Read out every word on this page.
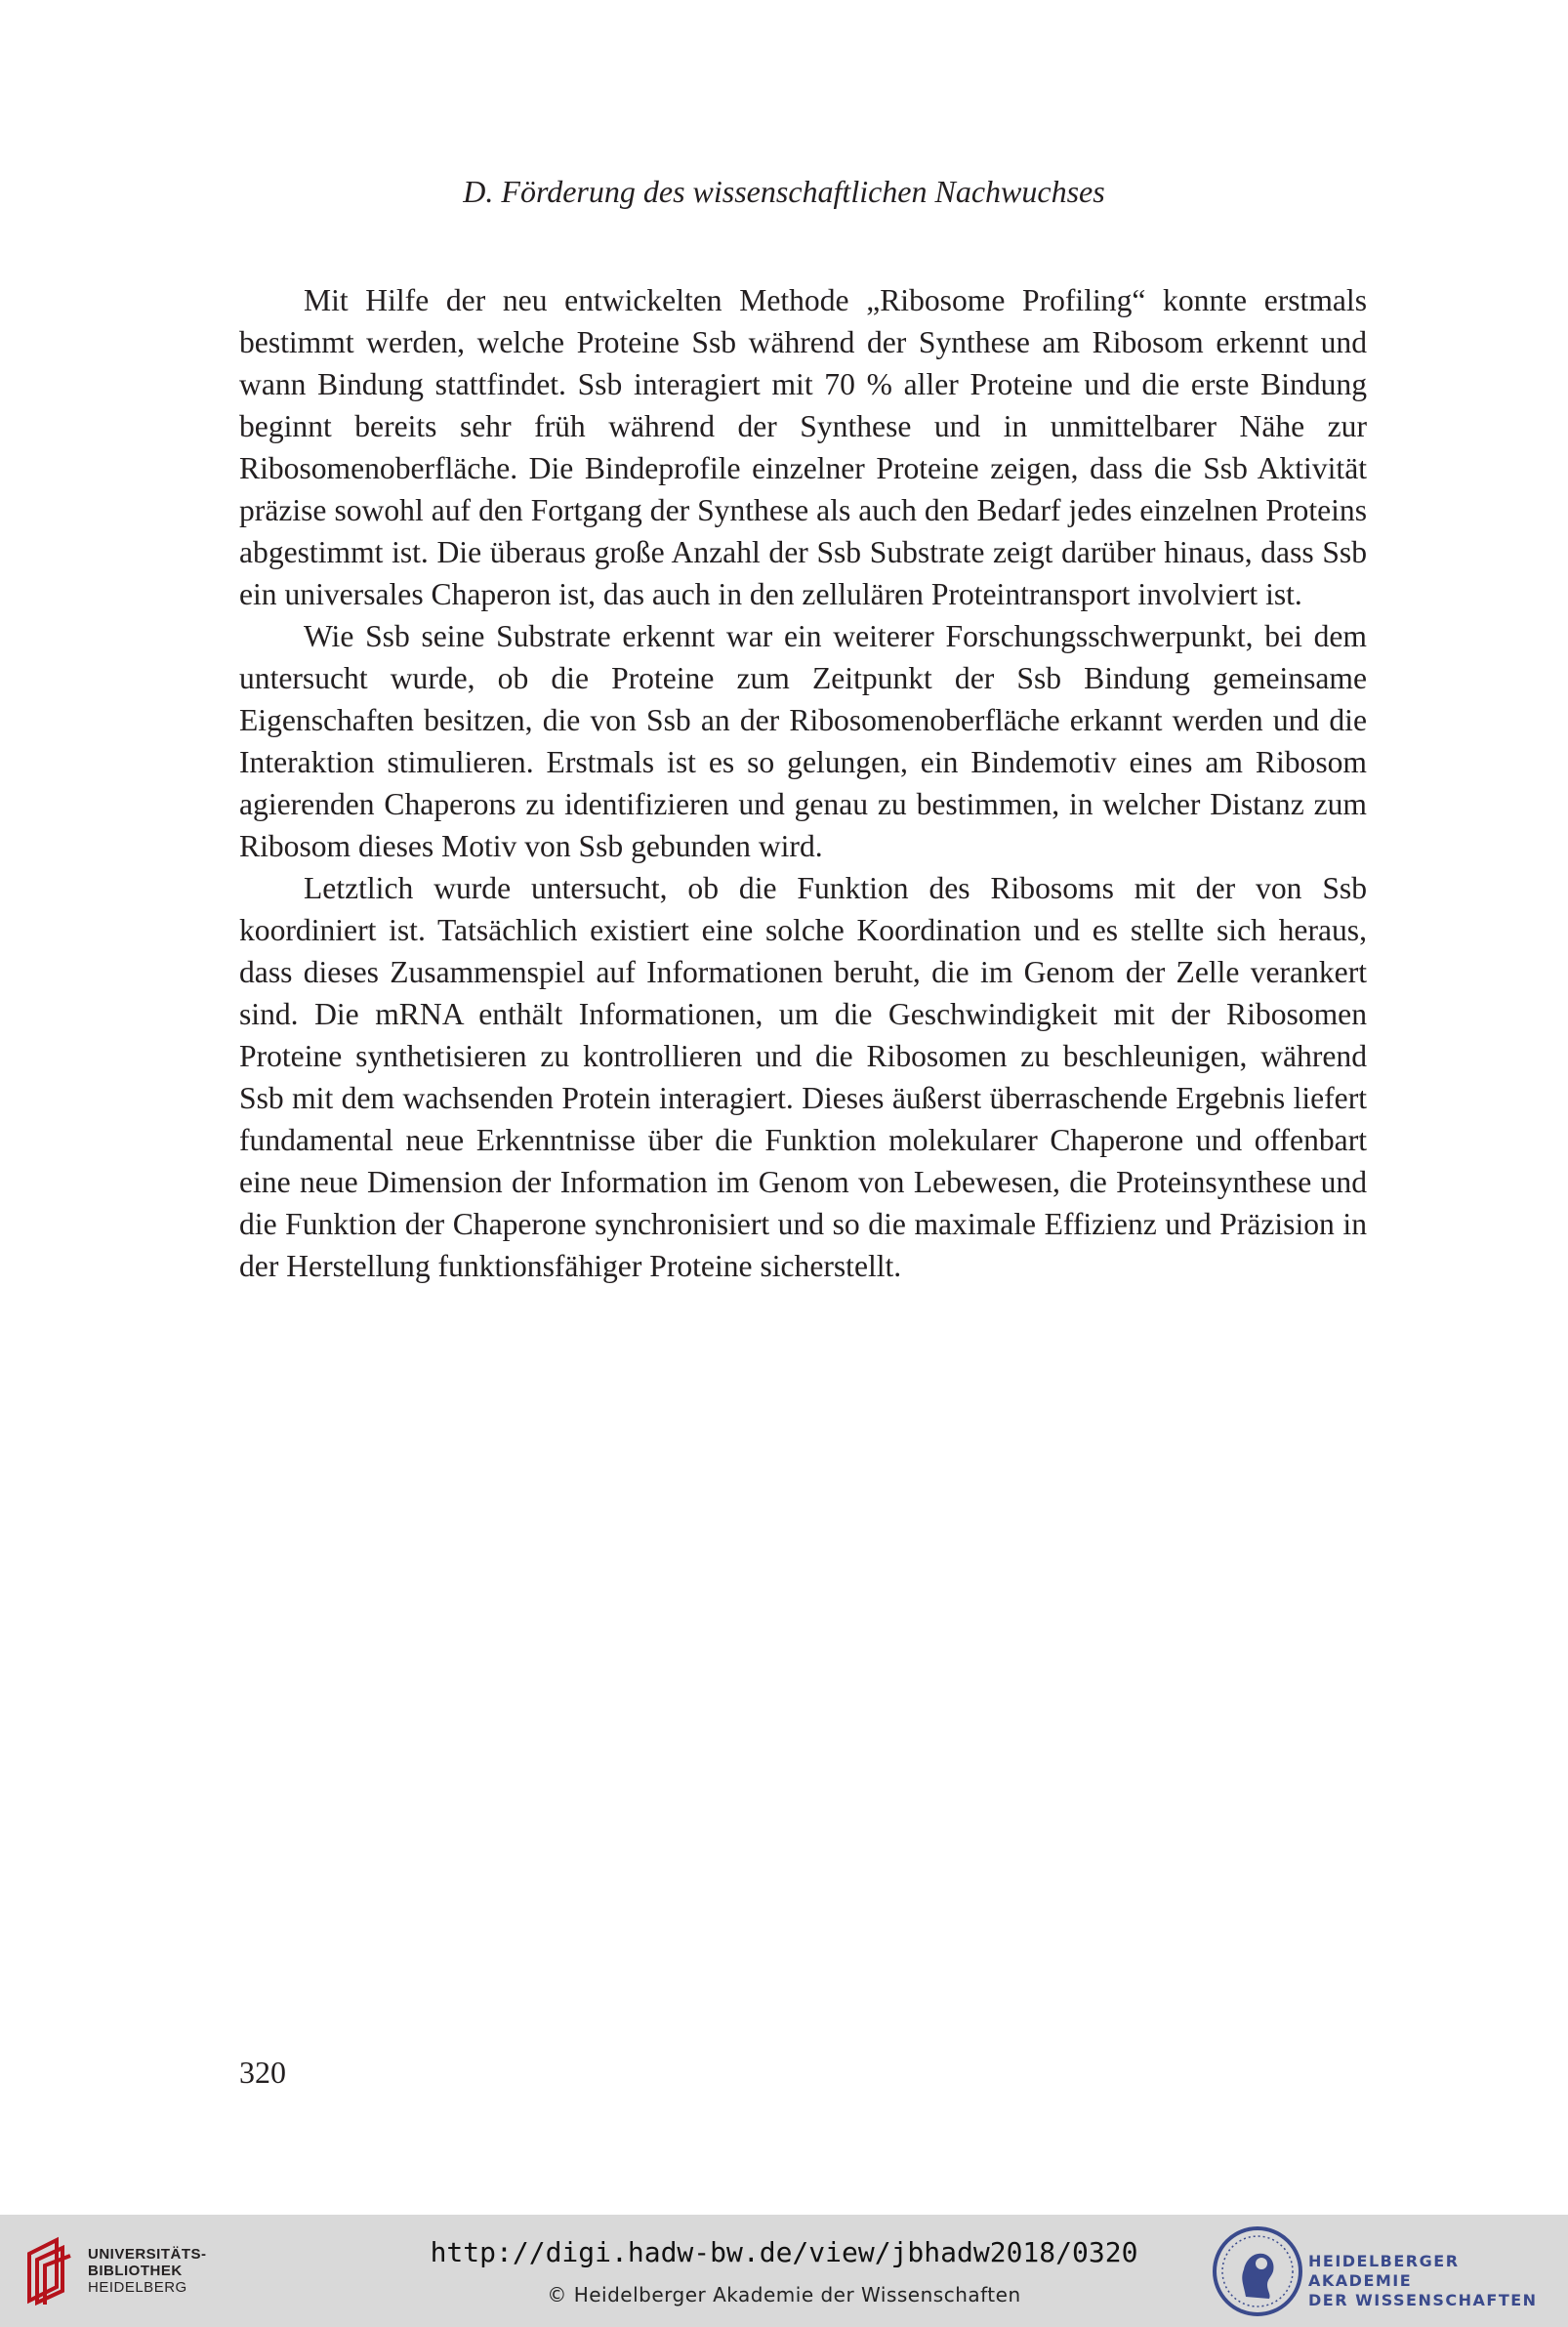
D. Förderung des wissenschaftlichen Nachwuchses

Mit Hilfe der neu entwickelten Methode „Ribosome Profiling“ konnte erstmals bestimmt werden, welche Proteine Ssb während der Synthese am Ribosom erkennt und wann Bindung stattfindet. Ssb interagiert mit 70 % aller Proteine und die erste Bindung beginnt bereits sehr früh während der Synthese und in unmittelbarer Nähe zur Ribosomenoberfläche. Die Bindeprofile einzelner Proteine zeigen, dass die Ssb Aktivität präzise sowohl auf den Fortgang der Synthese als auch den Bedarf jedes einzelnen Proteins abgestimmt ist. Die überaus große Anzahl der Ssb Substrate zeigt darüber hinaus, dass Ssb ein universales Chaperon ist, das auch in den zellulären Proteintransport involviert ist.

Wie Ssb seine Substrate erkennt war ein weiterer Forschungsschwerpunkt, bei dem untersucht wurde, ob die Proteine zum Zeitpunkt der Ssb Bindung gemeinsame Eigenschaften besitzen, die von Ssb an der Ribosomenoberfläche erkannt werden und die Interaktion stimulieren. Erstmals ist es so gelungen, ein Bindemotiv eines am Ribosom agierenden Chaperons zu identifizieren und genau zu bestimmen, in welcher Distanz zum Ribosom dieses Motiv von Ssb gebunden wird.

Letztlich wurde untersucht, ob die Funktion des Ribosoms mit der von Ssb koordiniert ist. Tatsächlich existiert eine solche Koordination und es stellte sich heraus, dass dieses Zusammenspiel auf Informationen beruht, die im Genom der Zelle verankert sind. Die mRNA enthält Informationen, um die Geschwindigkeit mit der Ribosomen Proteine synthetisieren zu kontrollieren und die Ribosomen zu beschleunigen, während Ssb mit dem wachsenden Protein interagiert. Dieses äußerst überraschende Ergebnis liefert fundamental neue Erkenntnisse über die Funktion molekularer Chaperone und offenbart eine neue Dimension der Information im Genom von Lebewesen, die Proteinsynthese und die Funktion der Chaperone synchronisiert und so die maximale Effizienz und Präzision in der Herstellung funktionsfähiger Proteine sicherstellt.

320
UNIVERSITÄTS-
BIBLIOTHEK
HEIDELBERG
http://digi.hadw-bw.de/view/jbhadw2018/0320
© Heidelberger Akademie der Wissenschaften
HEIDELBERGER AKADEMIE
DER WISSENSCHAFTEN
